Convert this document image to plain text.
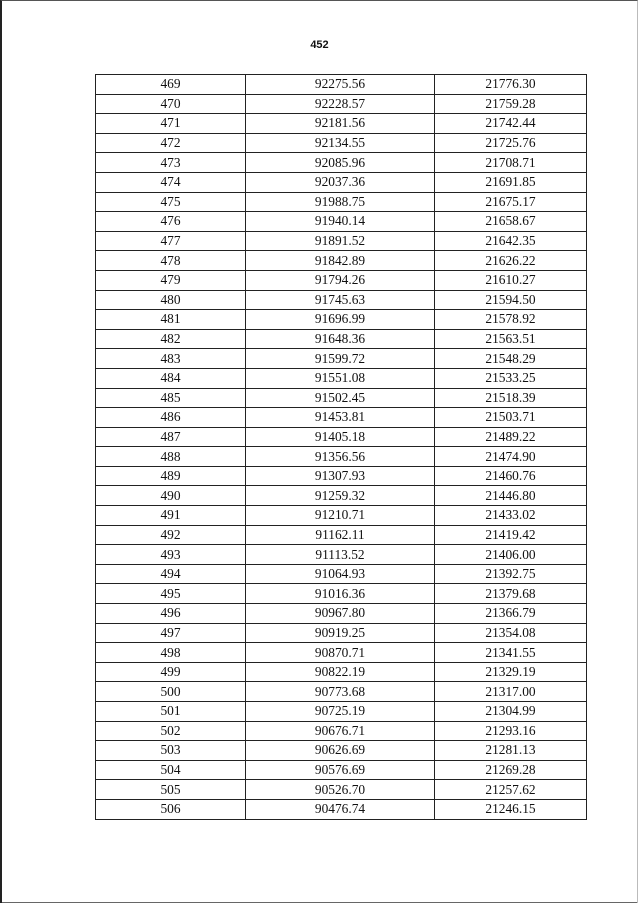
452
469	92275.56	21776.30
470	92228.57	21759.28
471	92181.56	21742.44
472	92134.55	21725.76
473	92085.96	21708.71
474	92037.36	21691.85
475	91988.75	21675.17
476	91940.14	21658.67
477	91891.52	21642.35
478	91842.89	21626.22
479	91794.26	21610.27
480	91745.63	21594.50
481	91696.99	21578.92
482	91648.36	21563.51
483	91599.72	21548.29
484	91551.08	21533.25
485	91502.45	21518.39
486	91453.81	21503.71
487	91405.18	21489.22
488	91356.56	21474.90
489	91307.93	21460.76
490	91259.32	21446.80
491	91210.71	21433.02
492	91162.11	21419.42
493	91113.52	21406.00
494	91064.93	21392.75
495	91016.36	21379.68
496	90967.80	21366.79
497	90919.25	21354.08
498	90870.71	21341.55
499	90822.19	21329.19
500	90773.68	21317.00
501	90725.19	21304.99
502	90676.71	21293.16
503	90626.69	21281.13
504	90576.69	21269.28
505	90526.70	21257.62
506	90476.74	21246.15
